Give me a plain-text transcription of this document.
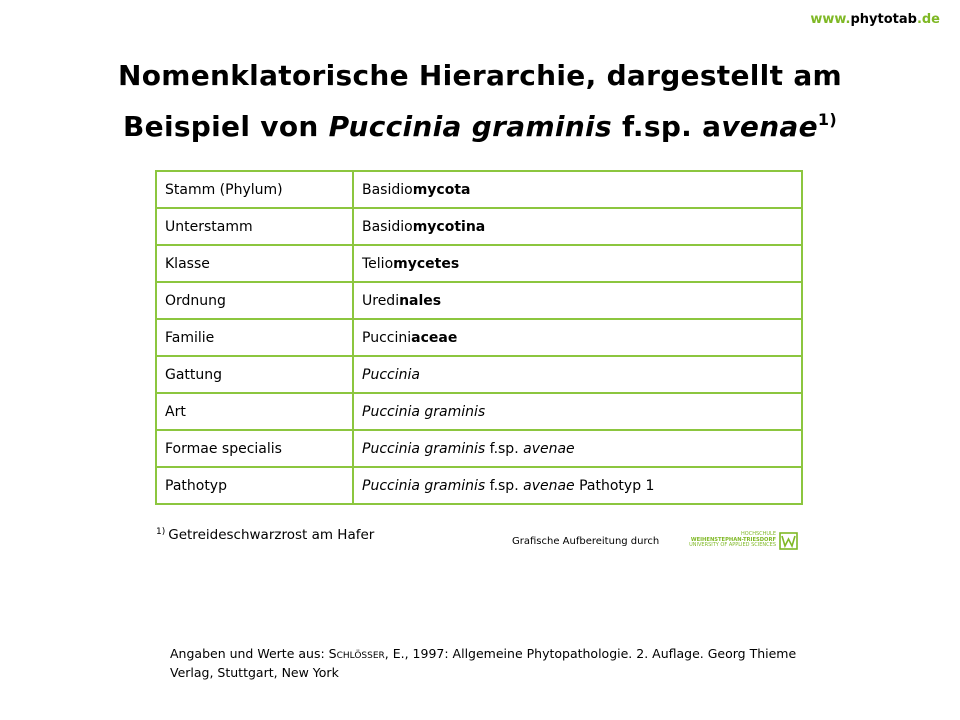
www.phytotab.de
Nomenklatorische Hierarchie, dargestellt am
Beispiel von Puccinia graminis f.sp. avenae$^{1)}$
Stamm (Phylum)	Basidiomycota
Unterstamm	Basidiomycotina
Klasse	Teliomycetes
Ordnung	Uredinales
Familie	Pucciniaceae
Gattung	Puccinia
Art	Puccinia graminis
Formae specialis	Puccinia graminis f.sp. avenae
Pathotyp	Puccinia graminis f.sp. avenae Pathotyp 1
$^{1)}$ Getreideschwarzrost am Hafer	Grafische Aufbereitung durch
HOCHSCHULE
WEIHENSTEPHAN-TRIESDORF
UNIVERSITY OF APPLIED SCIENCES
Angaben und Werte aus: Schlösser, E., 1997: Allgemeine Phytopathologie. 2. Auflage. Georg Thieme Verlag, Stuttgart, New York
